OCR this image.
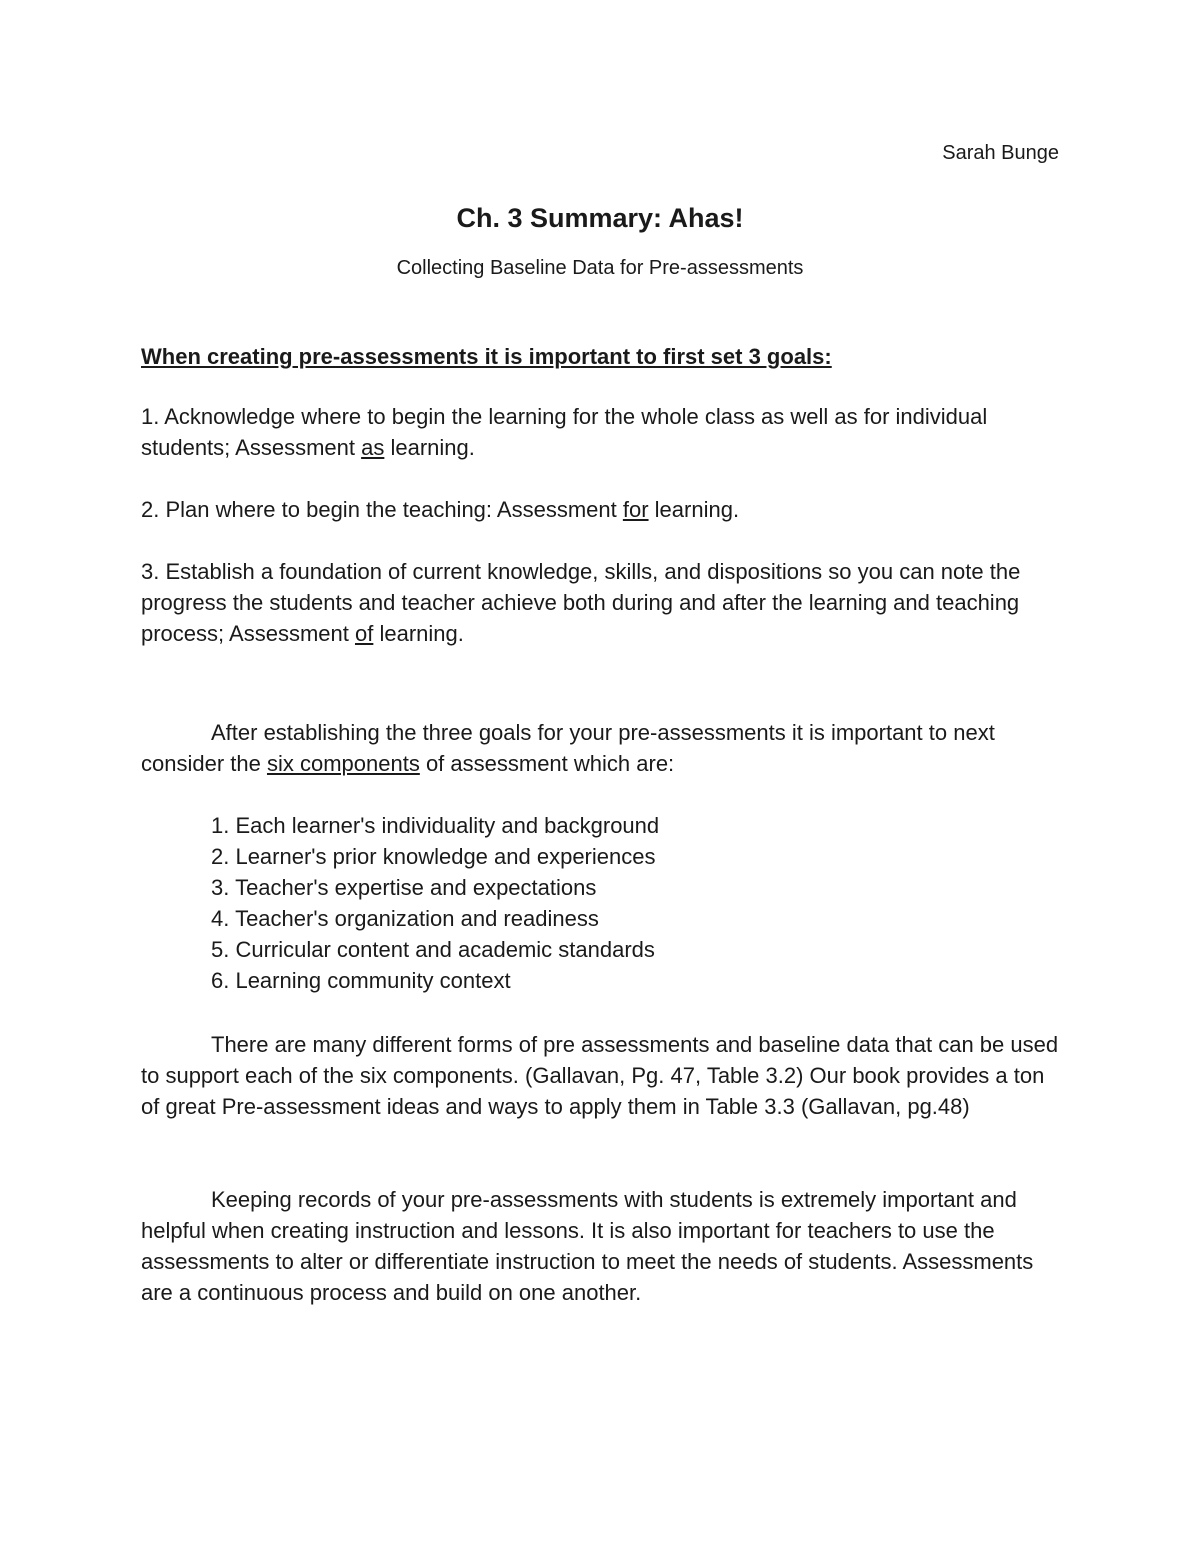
Sarah Bunge
Ch. 3 Summary: Ahas!
Collecting Baseline Data for Pre-assessments
When creating pre-assessments it is important to first set 3 goals:

1. Acknowledge where to begin the learning for the whole class as well as for individual students; Assessment as learning.

2. Plan where to begin the teaching: Assessment for learning.

3. Establish a foundation of current knowledge, skills, and dispositions so you can note the progress the students and teacher achieve both during and after the learning and teaching process; Assessment of learning.

After establishing the three goals for your pre-assessments it is important to next consider the six components of assessment which are:

1. Each learner's individuality and background
2. Learner's prior knowledge and experiences
3. Teacher's expertise and expectations
4. Teacher's organization and readiness
5. Curricular content and academic standards
6. Learning community context

There are many different forms of pre assessments and baseline data that can be used to support each of the six components. (Gallavan, Pg. 47, Table 3.2) Our book provides a ton of great Pre-assessment ideas and ways to apply them in Table 3.3 (Gallavan, pg.48)

Keeping records of your pre-assessments with students is extremely important and helpful when creating instruction and lessons. It is also important for teachers to use the assessments to alter or differentiate instruction to meet the needs of students. Assessments are a continuous process and build on one another.
